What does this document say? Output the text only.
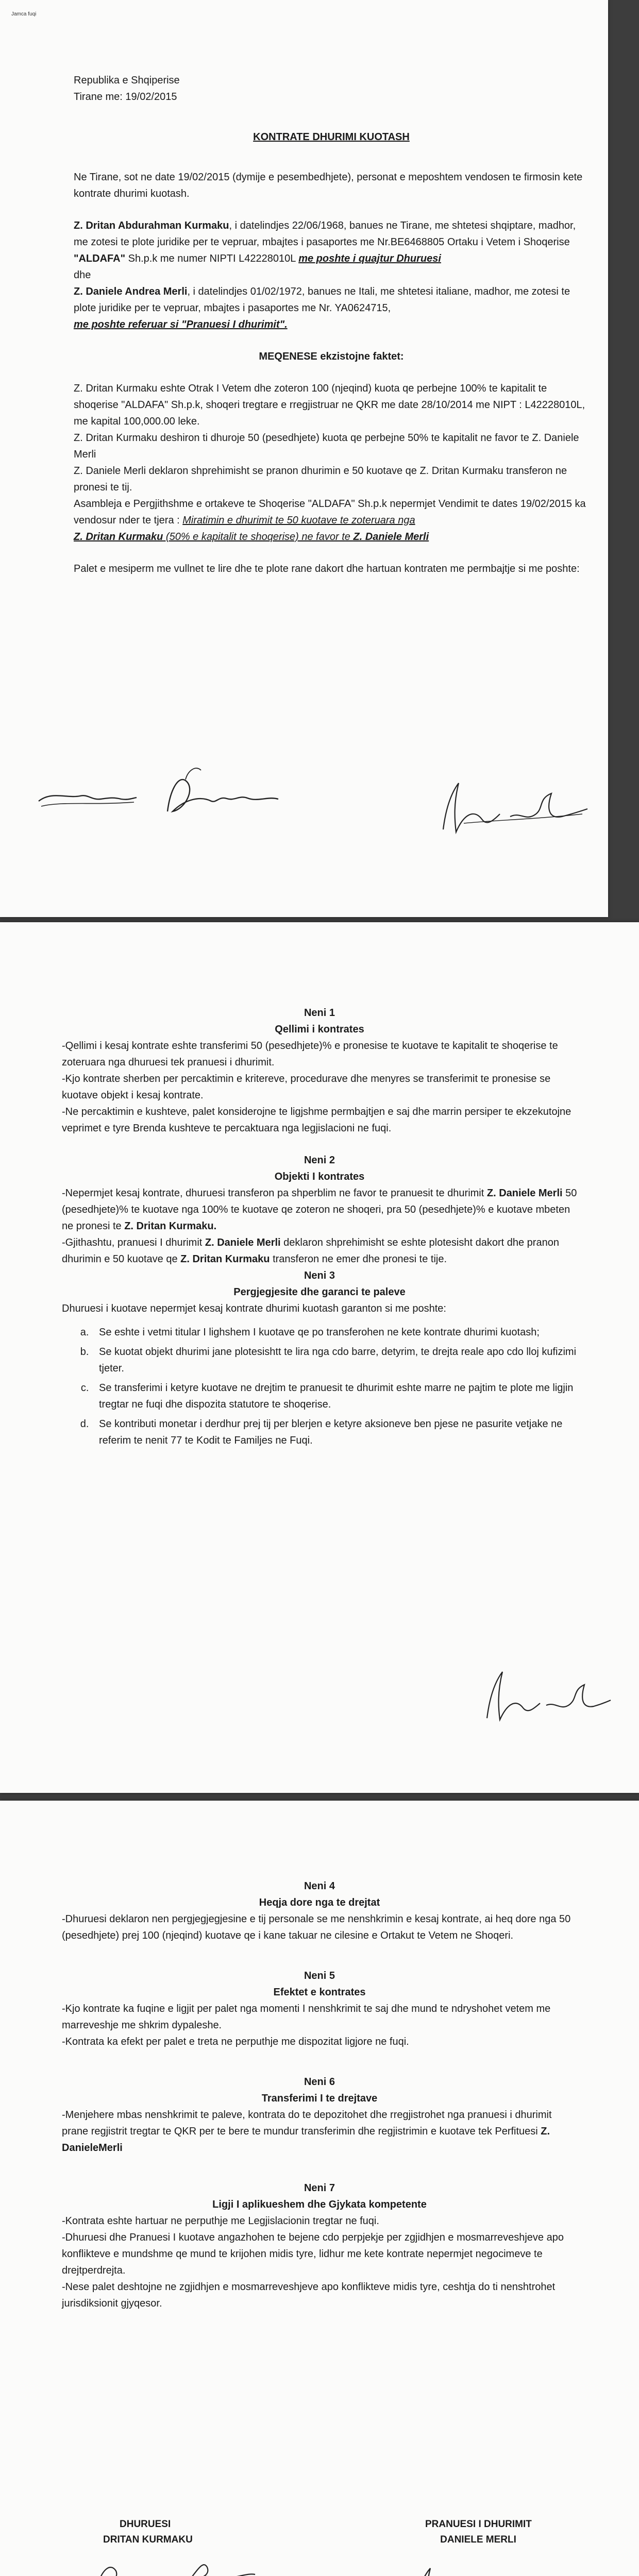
Jamca fuqi

Republika e Shqiperise

Tirane me: 19/02/2015

KONTRATE DHURIMI KUOTASH

Ne Tirane, sot ne date 19/02/2015 (dymije e pesembedhjete), personat e meposhtem vendosen te firmosin kete kontrate dhurimi kuotash.

Z. Dritan Abdurahman Kurmaku, i datelindjes 22/06/1968, banues ne Tirane, me shtetesi shqiptare, madhor, me zotesi te plote juridike per te vepruar, mbajtes i pasaportes me Nr.BE6468805 Ortaku i Vetem i Shoqerise "ALDAFA" Sh.p.k me numer NIPTI L42228010L me poshte i quajtur Dhuruesi

dhe

Z. Daniele Andrea Merli, i datelindjes 01/02/1972, banues ne Itali, me shtetesi italiane, madhor, me zotesi te plote juridike per te vepruar, mbajtes i pasaportes me Nr. YA0624715,

me poshte referuar si "Pranuesi I dhurimit".

MEQENESE ekzistojne faktet:

Z. Dritan Kurmaku eshte Otrak I Vetem dhe zoteron 100 (njeqind) kuota qe perbejne 100% te kapitalit te shoqerise "ALDAFA" Sh.p.k, shoqeri tregtare e rregjistruar ne QKR me date 28/10/2014 me NIPT : L42228010L, me kapital 100,000.00 leke.

Z. Dritan Kurmaku deshiron ti dhuroje 50 (pesedhjete) kuota qe perbejne 50% te kapitalit ne favor te Z. Daniele Merli

Z. Daniele Merli deklaron shprehimisht se pranon dhurimin e 50 kuotave qe Z. Dritan Kurmaku transferon ne pronesi te tij.

Asambleja e Pergjithshme e ortakeve te Shoqerise "ALDAFA" Sh.p.k nepermjet Vendimit te dates 19/02/2015 ka vendosur nder te tjera : Miratimin e dhurimit te 50 kuotave te zoteruara nga
Z. Dritan Kurmaku (50% e kapitalit te shoqerise) ne favor te Z. Daniele Merli

Palet e mesiperm me vullnet te lire dhe te plote rane dakort dhe hartuan kontraten me permbajtje si me poshte:

Neni 1

Qellimi i kontrates

-Qellimi i kesaj kontrate eshte transferimi 50 (pesedhjete)% e pronesise te kuotave te kapitalit te shoqerise te zoteruara nga dhuruesi tek pranuesi i dhurimit.

-Kjo kontrate sherben per percaktimin e kritereve, procedurave dhe menyres se transferimit te pronesise se kuotave objekt i kesaj kontrate.

-Ne percaktimin e kushteve, palet konsiderojne te ligjshme permbajtjen e saj dhe marrin persiper te ekzekutojne veprimet e tyre Brenda kushteve te percaktuara nga legjislacioni ne fuqi.

Neni 2

Objekti I kontrates

-Nepermjet kesaj kontrate, dhuruesi transferon pa shperblim ne favor te pranuesit te dhurimit Z. Daniele Merli 50 (pesedhjete)% te kuotave nga 100% te kuotave qe zoteron ne shoqeri, pra 50 (pesedhjete)% e kuotave mbeten ne pronesi te Z. Dritan Kurmaku.

-Gjithashtu, pranuesi I dhurimit Z. Daniele Merli deklaron shprehimisht se eshte plotesisht dakort dhe pranon dhurimin e 50 kuotave qe Z. Dritan Kurmaku transferon ne emer dhe pronesi te tije.

Neni 3

Pergjegjesite dhe garanci te paleve

Dhuruesi i kuotave nepermjet kesaj kontrate dhurimi kuotash garanton si me poshte:

a. Se eshte i vetmi titular I lighshem I kuotave qe po transferohen ne kete kontrate dhurimi kuotash;
b. Se kuotat objekt dhurimi jane plotesishtt te lira nga cdo barre, detyrim, te drejta reale apo cdo lloj kufizimi tjeter.
c. Se transferimi i ketyre kuotave ne drejtim te pranuesit te dhurimit eshte marre ne pajtim te plote me ligjin tregtar ne fuqi dhe dispozita statutore te shoqerise.
d. Se kontributi monetar i derdhur prej tij per blerjen e ketyre aksioneve ben pjese ne pasurite vetjake ne referim te nenit 77 te Kodit te Familjes ne Fuqi.

Neni 4

Heqja dore nga te drejtat

-Dhuruesi deklaron nen pergjegjegjesine e tij personale se me nenshkrimin e kesaj kontrate, ai heq dore nga 50 (pesedhjete) prej 100 (njeqind) kuotave qe i kane takuar ne cilesine e Ortakut te Vetem ne Shoqeri.

Neni 5

Efektet e kontrates

-Kjo kontrate ka fuqine e ligjit per palet nga momenti I nenshkrimit te saj dhe mund te ndryshohet vetem me marreveshje me shkrim dypaleshe.

-Kontrata ka efekt per palet e treta ne perputhje me dispozitat ligjore ne fuqi.

Neni 6

Transferimi I te drejtave

-Menjehere mbas nenshkrimit te paleve, kontrata do te depozitohet dhe rregjistrohet nga pranuesi i dhurimit prane regjistrit tregtar te QKR per te bere te mundur transferimin dhe regjistrimin e kuotave tek Perfituesi Z. DanieleMerli

Neni 7

Ligji I aplikueshem dhe Gjykata kompetente

-Kontrata eshte hartuar ne perputhje me Legjislacionin tregtar ne fuqi.

-Dhuruesi dhe Pranuesi I kuotave angazhohen te bejene cdo perpjekje per zgjidhjen e mosmarreveshjeve apo konflikteve e mundshme qe mund te krijohen midis tyre, lidhur me kete kontrate nepermjet negocimeve te drejtperdrejta.

-Nese palet deshtojne ne zgjidhjen e mosmarreveshjeve apo konflikteve midis tyre, ceshtja do ti nenshtrohet jurisdiksionit gjyqesor.

DHURUESI

DRITAN KURMAKU

PRANUESI I DHURIMIT

DANIELE MERLI
